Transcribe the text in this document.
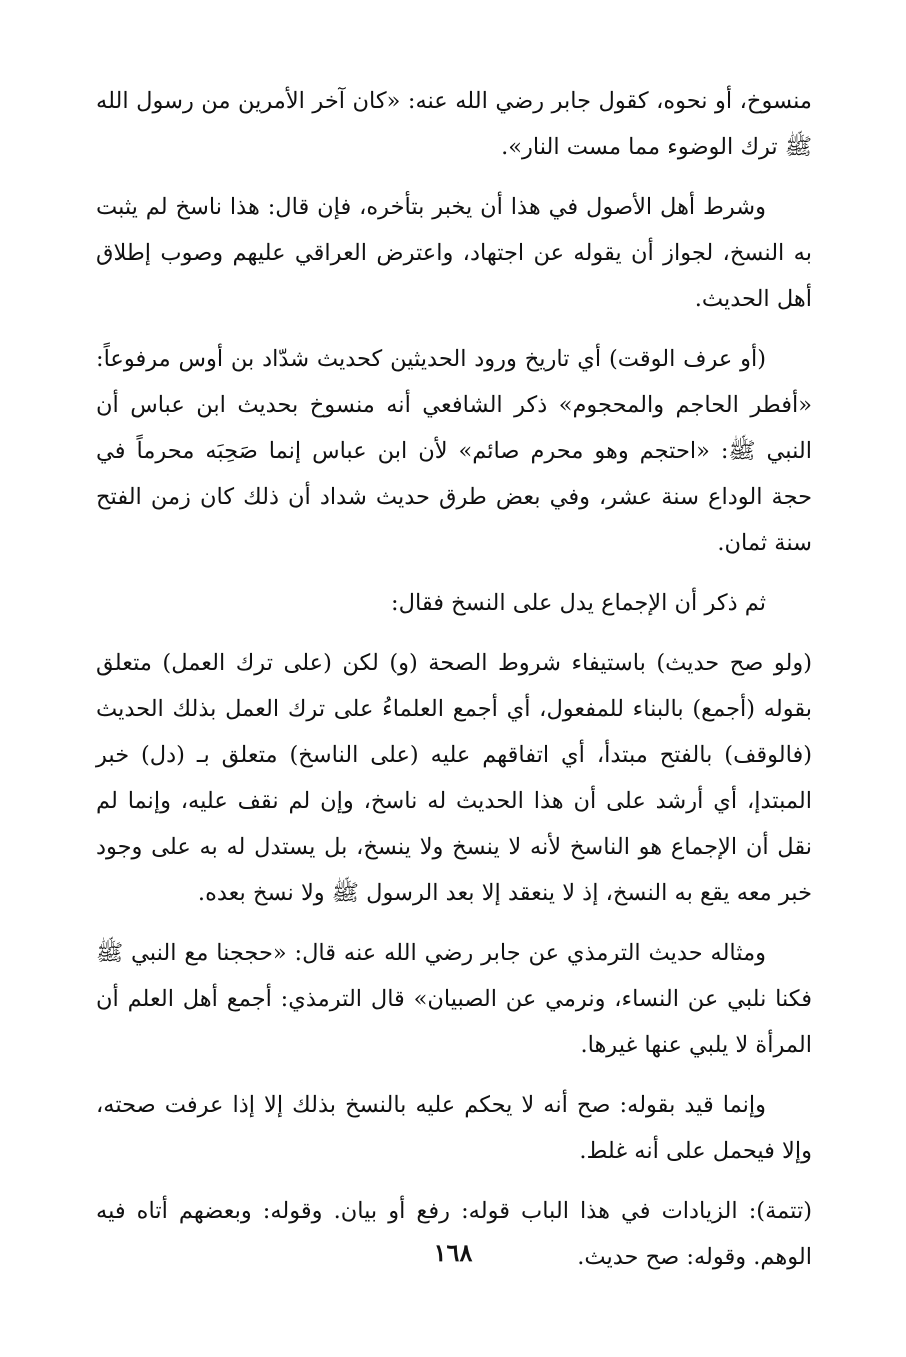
منسوخ، أو نحوه، كقول جابر رضي الله عنه: «كان آخر الأمرين من رسول الله ﷺ ترك الوضوء مما مست النار».

وشرط أهل الأصول في هذا أن يخبر بتأخره، فإن قال: هذا ناسخ لم يثبت به النسخ، لجواز أن يقوله عن اجتهاد، واعترض العراقي عليهم وصوب إطلاق أهل الحديث.

(أو عرف الوقت) أي تاريخ ورود الحديثين كحديث شدّاد بن أوس مرفوعاً: «أفطر الحاجم والمحجوم» ذكر الشافعي أنه منسوخ بحديث ابن عباس أن النبي ﷺ: «احتجم وهو محرم صائم» لأن ابن عباس إنما صَحِبَه محرماً في حجة الوداع سنة عشر، وفي بعض طرق حديث شداد أن ذلك كان زمن الفتح سنة ثمان.

ثم ذكر أن الإجماع يدل على النسخ فقال:

(ولو صح حديث) باستيفاء شروط الصحة (و) لكن (على ترك العمل) متعلق بقوله (أجمع) بالبناء للمفعول، أي أجمع العلماءُ على ترك العمل بذلك الحديث (فالوقف) بالفتح مبتدأ، أي اتفاقهم عليه (على الناسخ) متعلق بـ (دل) خبر المبتدإ، أي أرشد على أن هذا الحديث له ناسخ، وإن لم نقف عليه، وإنما لم نقل أن الإجماع هو الناسخ لأنه لا ينسخ ولا ينسخ، بل يستدل له به على وجود خبر معه يقع به النسخ، إذ لا ينعقد إلا بعد الرسول ﷺ ولا نسخ بعده.

ومثاله حديث الترمذي عن جابر رضي الله عنه قال: «حججنا مع النبي ﷺ فكنا نلبي عن النساء، ونرمي عن الصبيان» قال الترمذي: أجمع أهل العلم أن المرأة لا يلبي عنها غيرها.

وإنما قيد بقوله: صح أنه لا يحكم عليه بالنسخ بذلك إلا إذا عرفت صحته، وإلا فيحمل على أنه غلط.

(تتمة): الزيادات في هذا الباب قوله: رفع أو بيان. وقوله: وبعضهم أتاه فيه الوهم. وقوله: صح حديث.

١٦٨
